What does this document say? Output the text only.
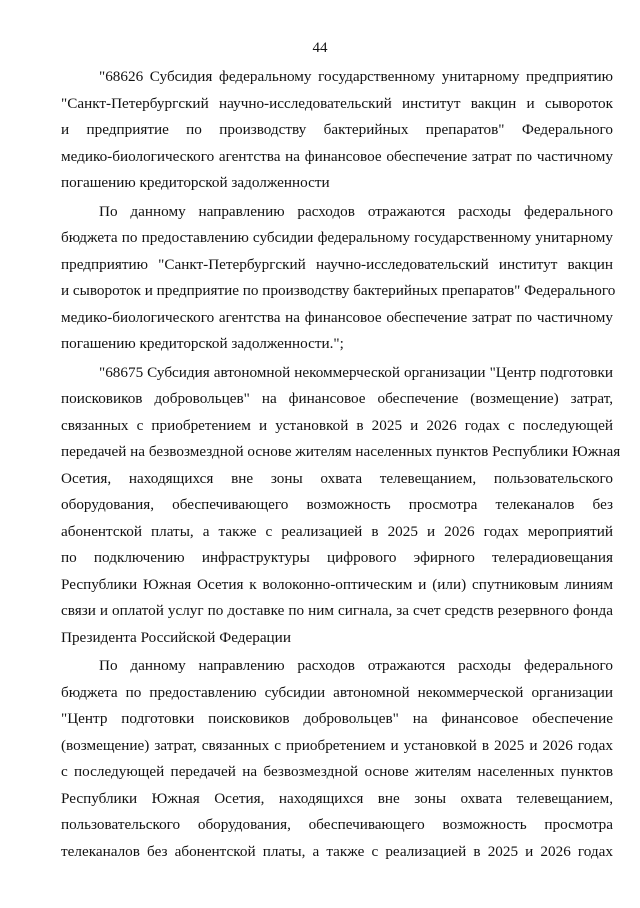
44
"68626 Субсидия федеральному государственному унитарному предприятию
"Санкт-Петербургский научно-исследовательский институт вакцин и сывороток
и предприятие по производству бактерийных препаратов" Федерального
медико-биологического агентства на финансовое обеспечение затрат по частичному
погашению кредиторской задолженности
По данному направлению расходов отражаются расходы федерального
бюджета по предоставлению субсидии федеральному государственному унитарному
предприятию "Санкт-Петербургский научно-исследовательский институт вакцин
и сывороток и предприятие по производству бактерийных препаратов" Федерального
медико-биологического агентства на финансовое обеспечение затрат по частичному
погашению кредиторской задолженности.";
"68675 Субсидия автономной некоммерческой организации "Центр подготовки
поисковиков добровольцев" на финансовое обеспечение (возмещение) затрат,
связанных с приобретением и установкой в 2025 и 2026 годах с последующей
передачей на безвозмездной основе жителям населенных пунктов Республики Южная
Осетия, находящихся вне зоны охвата телевещанием, пользовательского
оборудования, обеспечивающего возможность просмотра телеканалов без
абонентской платы, а также с реализацией в 2025 и 2026 годах мероприятий
по подключению инфраструктуры цифрового эфирного телерадиовещания
Республики Южная Осетия к волоконно-оптическим и (или) спутниковым линиям
связи и оплатой услуг по доставке по ним сигнала, за счет средств резервного фонда
Президента Российской Федерации
По данному направлению расходов отражаются расходы федерального
бюджета по предоставлению субсидии автономной некоммерческой организации
"Центр подготовки поисковиков добровольцев" на финансовое обеспечение
(возмещение) затрат, связанных с приобретением и установкой в 2025 и 2026 годах
с последующей передачей на безвозмездной основе жителям населенных пунктов
Республики Южная Осетия, находящихся вне зоны охвата телевещанием,
пользовательского оборудования, обеспечивающего возможность просмотра
телеканалов без абонентской платы, а также с реализацией в 2025 и 2026 годах
